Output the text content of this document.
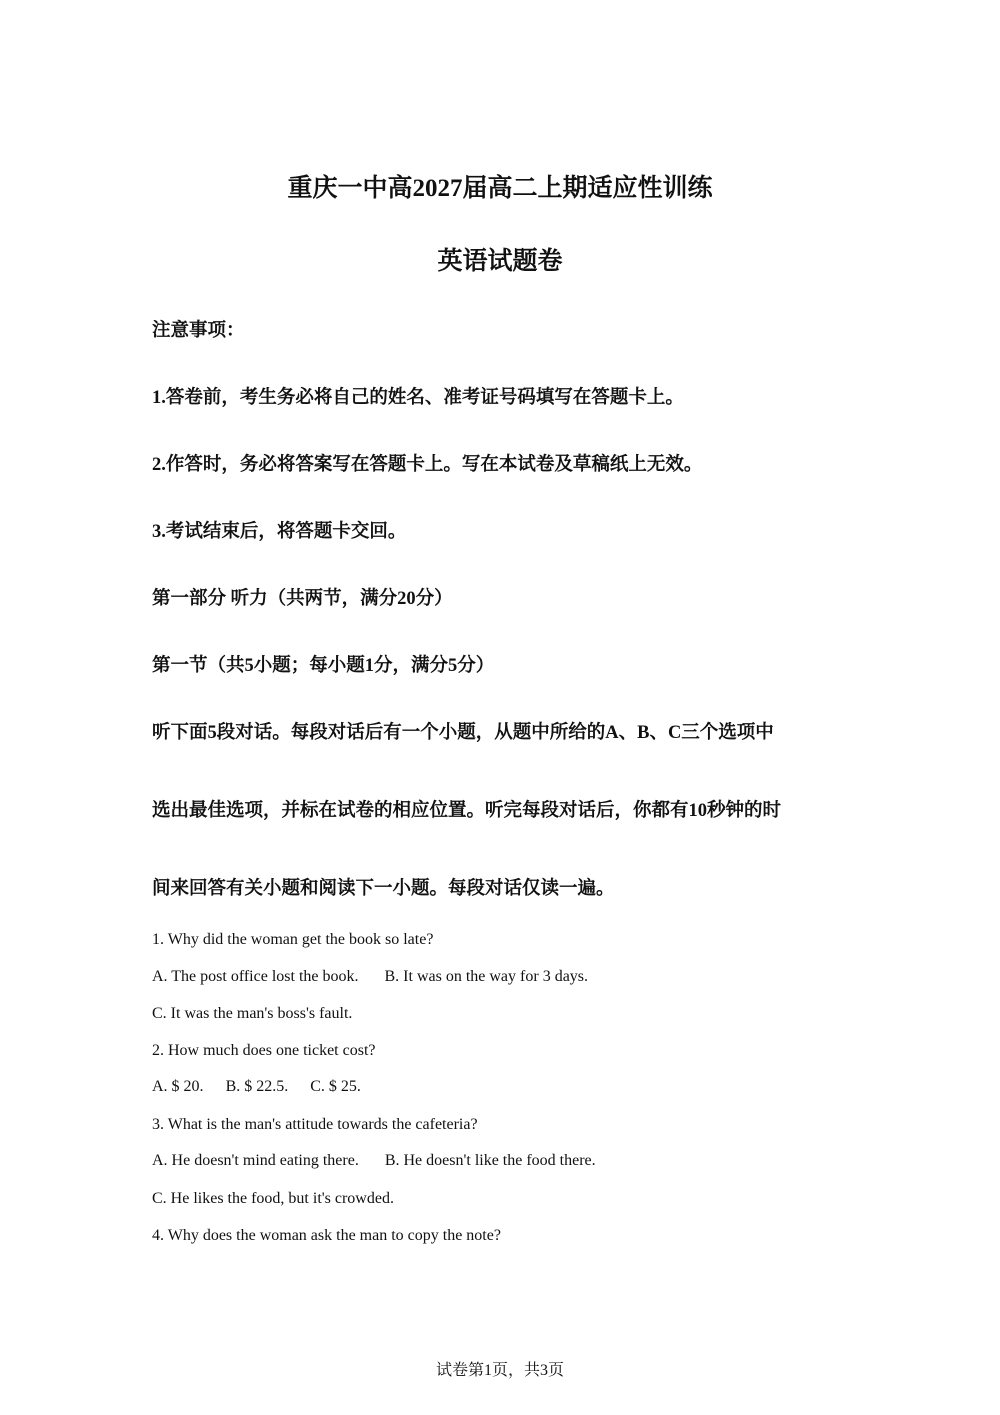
重庆一中高2027届高二上期适应性训练
英语试题卷
注意事项：
1.答卷前，考生务必将自己的姓名、准考证号码填写在答题卡上。
2.作答时，务必将答案写在答题卡上。写在本试卷及草稿纸上无效。
3.考试结束后，将答题卡交回。
第一部分 听力（共两节，满分20分）
第一节（共5小题；每小题1分，满分5分）
听下面5段对话。每段对话后有一个小题，从题中所给的A、B、C三个选项中
选出最佳选项，并标在试卷的相应位置。听完每段对话后，你都有10秒钟的时
间来回答有关小题和阅读下一小题。每段对话仅读一遍。
1. Why did the woman get the book so late?
A. The post office lost the book. B. It was on the way for 3 days.
C. It was the man's boss's fault.
2. How much does one ticket cost?
A. $ 20. B. $ 22.5. C. $ 25.
3. What is the man's attitude towards the cafeteria?
A. He doesn't mind eating there. B. He doesn't like the food there.
C. He likes the food, but it's crowded.
4. Why does the woman ask the man to copy the note?
试卷第1页，共3页
